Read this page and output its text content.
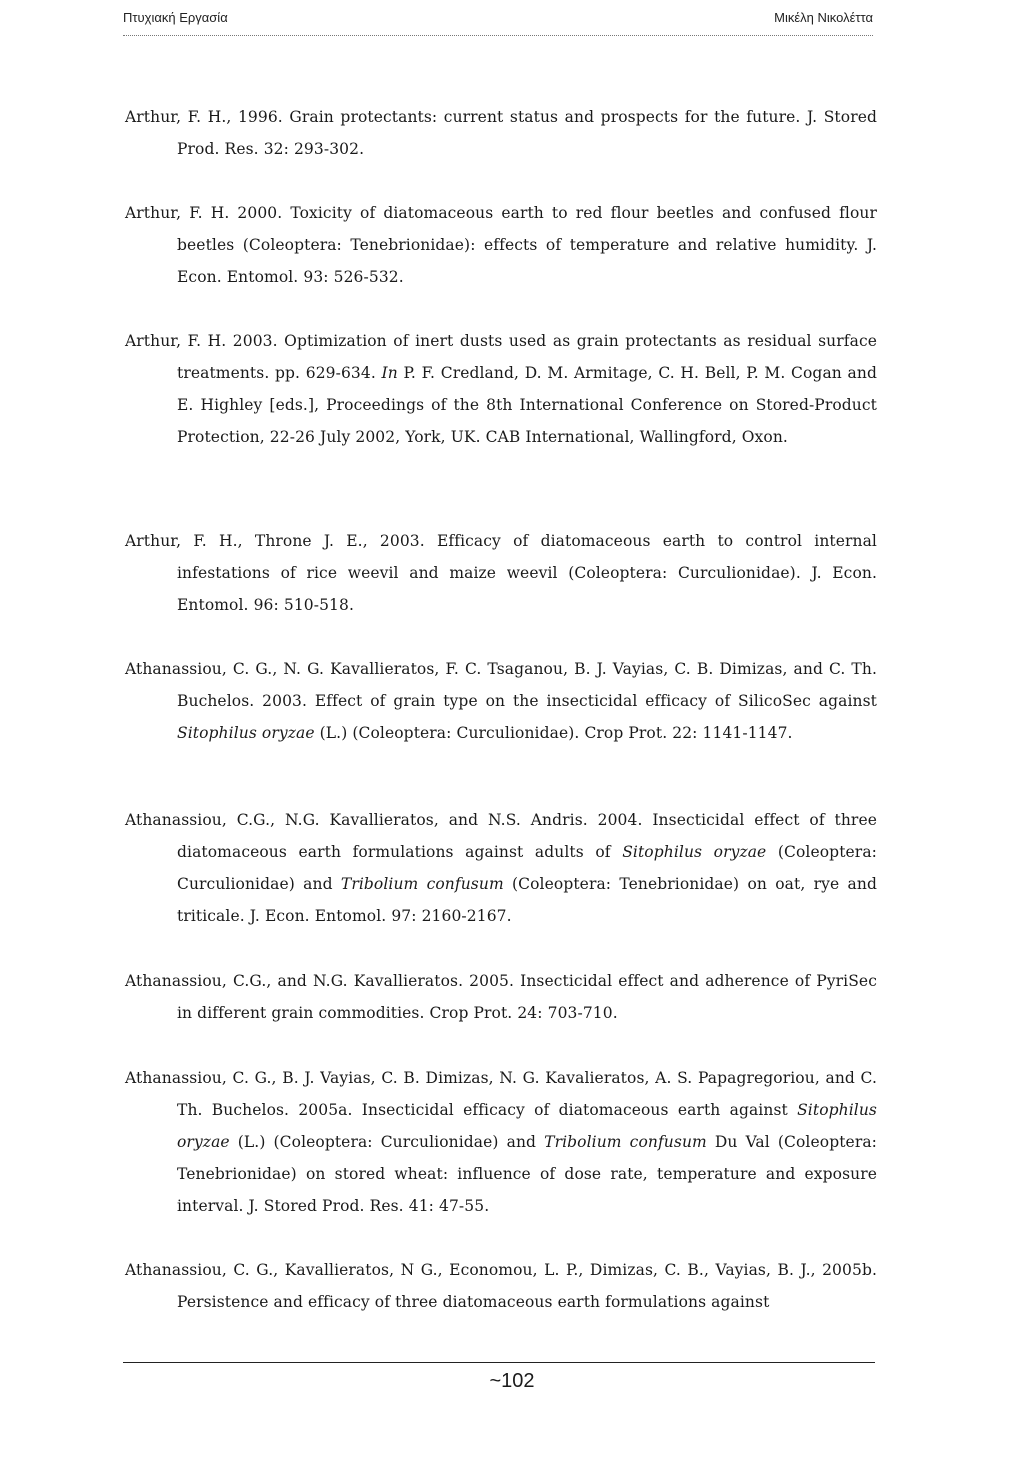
Πτυχιακή Εργασία	Μικέλη Νικολέττα
Arthur, F. H., 1996. Grain protectants: current status and prospects for the future. J. Stored Prod. Res. 32: 293-302.
Arthur, F. H. 2000. Toxicity of diatomaceous earth to red flour beetles and confused flour beetles (Coleoptera: Tenebrionidae): effects of temperature and relative humidity. J. Econ. Entomol. 93: 526-532.
Arthur, F. H. 2003. Optimization of inert dusts used as grain protectants as residual surface treatments. pp. 629-634. In P. F. Credland, D. M. Armitage, C. H. Bell, P. M. Cogan and E. Highley [eds.], Proceedings of the 8th International Conference on Stored-Product Protection, 22-26 July 2002, York, UK. CAB International, Wallingford, Oxon.
Arthur, F. H., Throne J. E., 2003. Efficacy of diatomaceous earth to control internal infestations of rice weevil and maize weevil (Coleoptera: Curculionidae). J. Econ. Entomol. 96: 510-518.
Athanassiou, C. G., N. G. Kavallieratos, F. C. Tsaganou, B. J. Vayias, C. B. Dimizas, and C. Th. Buchelos. 2003. Effect of grain type on the insecticidal efficacy of SilicoSec against Sitophilus oryzae (L.) (Coleoptera: Curculionidae). Crop Prot. 22: 1141-1147.
Athanassiou, C.G., N.G. Kavallieratos, and N.S. Andris. 2004. Insecticidal effect of three diatomaceous earth formulations against adults of Sitophilus oryzae (Coleoptera: Curculionidae) and Tribolium confusum (Coleoptera: Tenebrionidae) on oat, rye and triticale. J. Econ. Entomol. 97: 2160-2167.
Athanassiou, C.G., and N.G. Kavallieratos. 2005. Insecticidal effect and adherence of PyriSec in different grain commodities. Crop Prot. 24: 703-710.
Athanassiou, C. G., B. J. Vayias, C. B. Dimizas, N. G. Kavalieratos, A. S. Papagregoriou, and C. Th. Buchelos. 2005a. Insecticidal efficacy of diatomaceous earth against Sitophilus oryzae (L.) (Coleoptera: Curculionidae) and Tribolium confusum Du Val (Coleoptera: Tenebrionidae) on stored wheat: influence of dose rate, temperature and exposure interval. J. Stored Prod. Res. 41: 47-55.
Athanassiou, C. G., Kavallieratos, N G., Economou, L. P., Dimizas, C. B., Vayias, B. J., 2005b. Persistence and efficacy of three diatomaceous earth formulations against
~102
